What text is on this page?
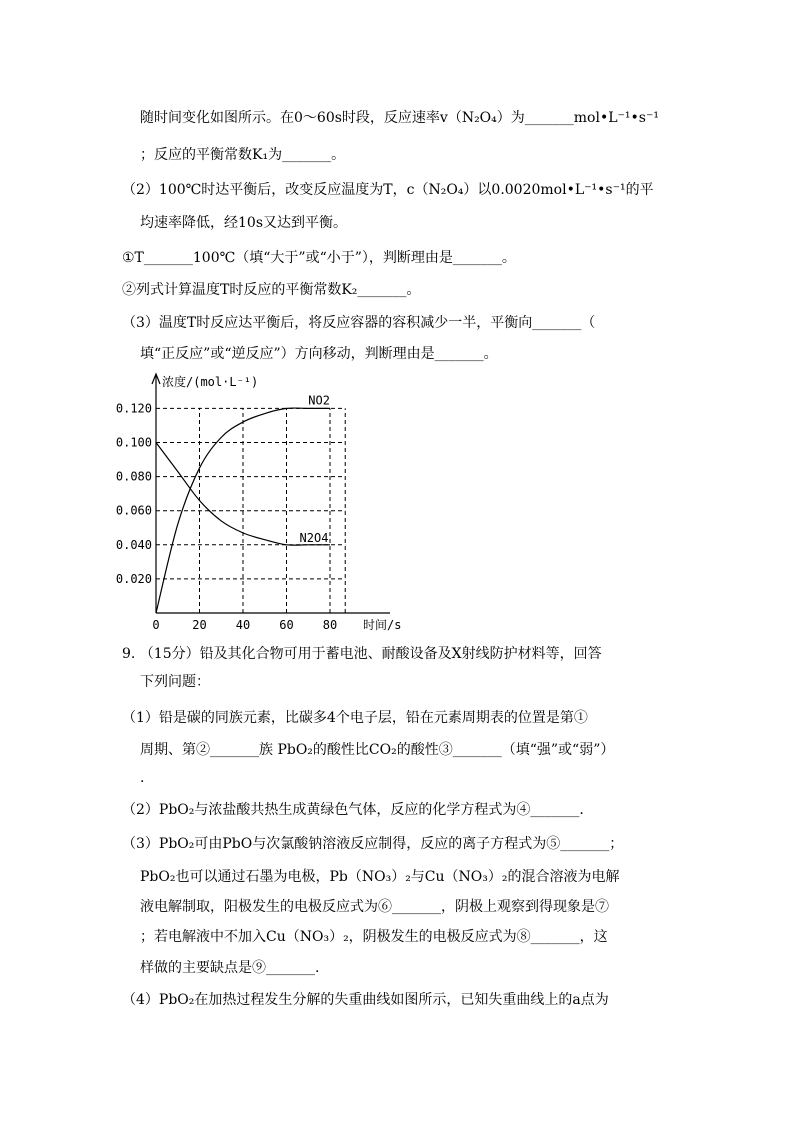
随时间变化如图所示。在0～60s时段，反应速率v（N₂O₄）为_______mol•L⁻¹•s⁻¹
；反应的平衡常数K₁为_______。
（2）100℃时达平衡后，改变反应温度为T，c（N₂O₄）以0.0020mol•L⁻¹•s⁻¹的平
均速率降低，经10s又达到平衡。
①T_______100℃（填“大于”或“小于”），判断理由是_______。
②列式计算温度T时反应的平衡常数K₂_______。
（3）温度T时反应达平衡后，将反应容器的容积减少一半，平衡向_______（
填“正反应”或“逆反应”）方向移动，判断理由是_______。
0.020
0.040
0.060
0.080
0.100
0.120
20 40 60 80
0
浓度/(mol·L⁻¹)
时间/s
NO2
N2O4
9. （15分）铅及其化合物可用于蓄电池、耐酸设备及X射线防护材料等，回答
下列问题：
（1）铅是碳的同族元素，比碳多4个电子层，铅在元素周期表的位置是第①
周期、第②_______族 PbO₂的酸性比CO₂的酸性③_______（填“强”或“弱”）
.
（2）PbO₂与浓盐酸共热生成黄绿色气体，反应的化学方程式为④_______.
（3）PbO₂可由PbO与次氯酸钠溶液反应制得，反应的离子方程式为⑤_______；
PbO₂也可以通过石墨为电极，Pb（NO₃）₂与Cu（NO₃）₂的混合溶液为电解
液电解制取，阳极发生的电极反应式为⑥_______，阴极上观察到得现象是⑦
；若电解液中不加入Cu（NO₃）₂，阴极发生的电极反应式为⑧_______，这
样做的主要缺点是⑨_______.
（4）PbO₂在加热过程发生分解的失重曲线如图所示，已知失重曲线上的a点为
